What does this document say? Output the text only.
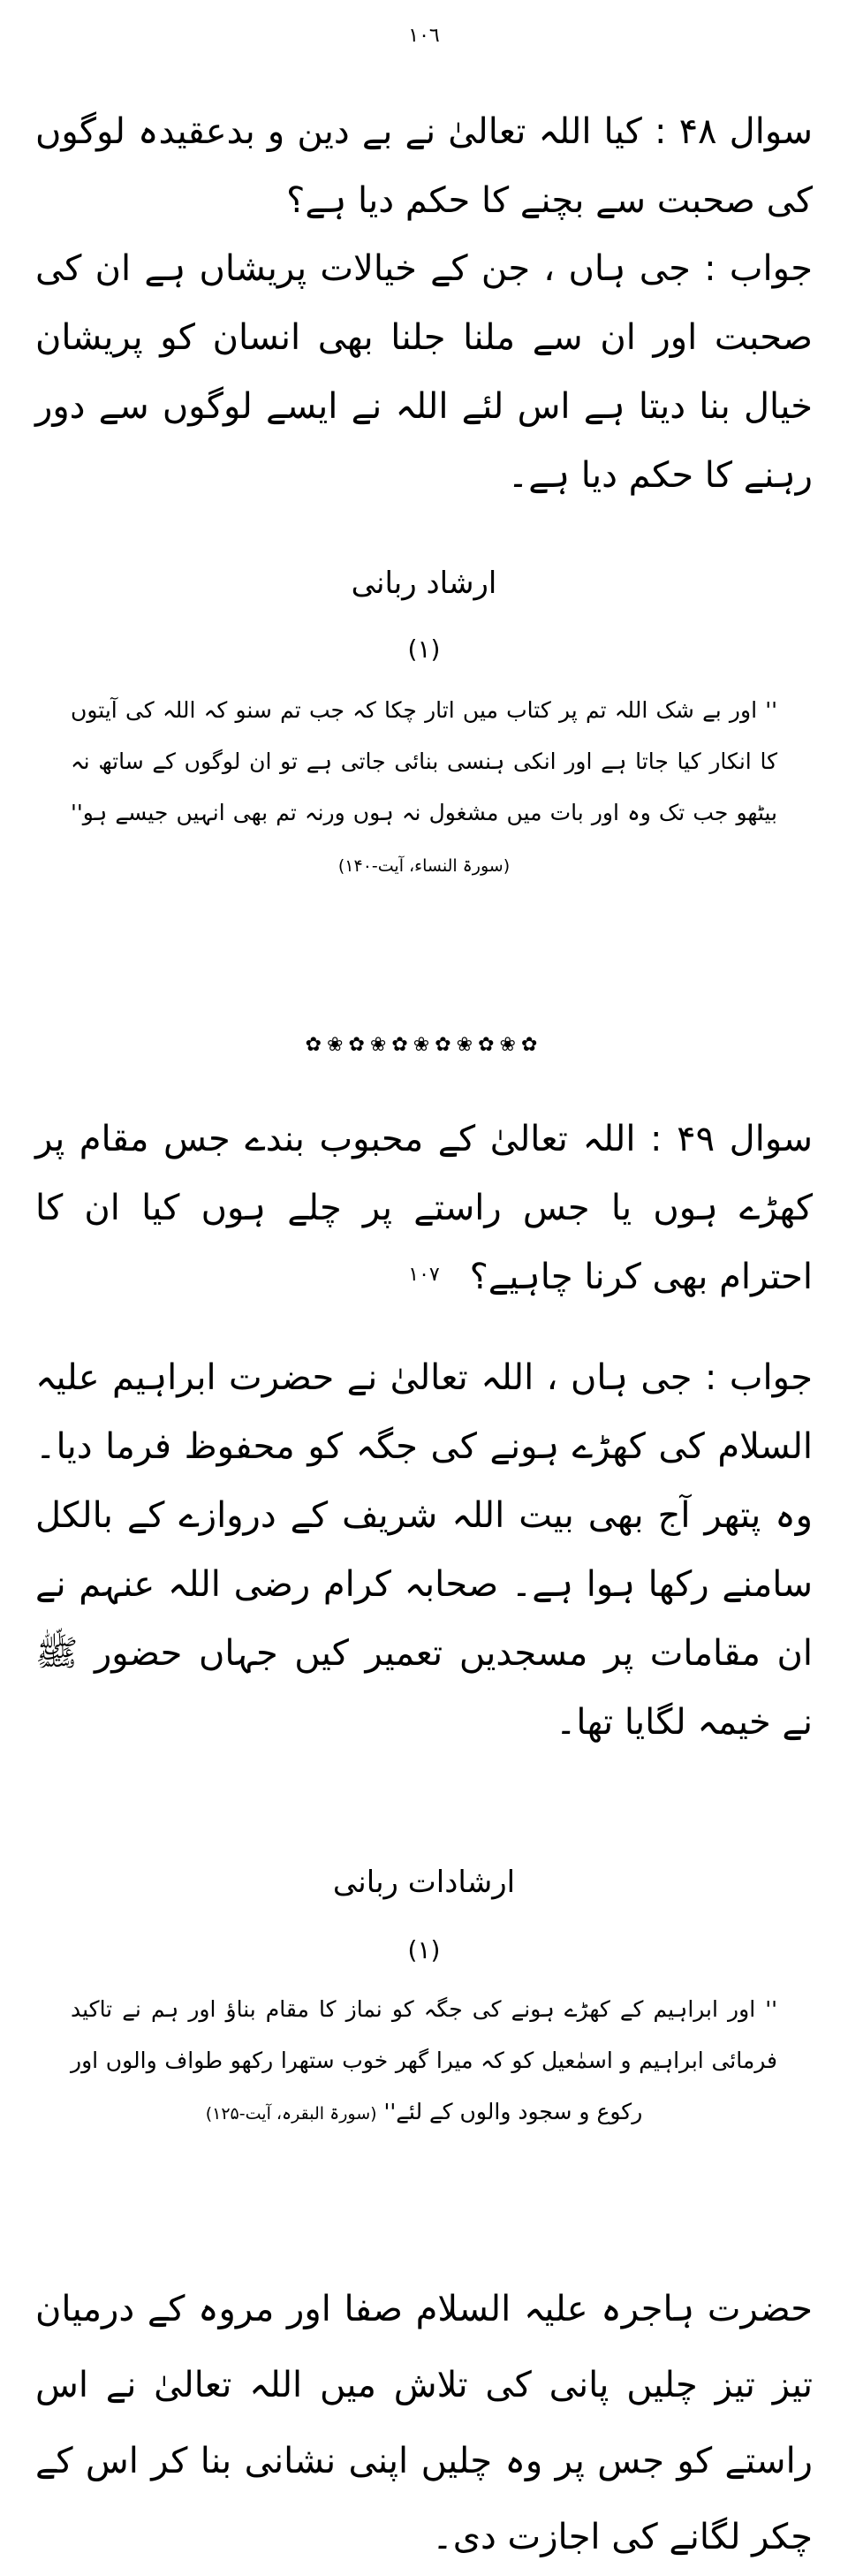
١٠٦
سوال ۴۸ : کیا اللہ تعالیٰ نے بے دین و بدعقیدہ لوگوں کی صحبت سے بچنے کا حکم دیا ہے؟
جواب : جی ہاں ، جن کے خیالات پریشاں ہے ان کی صحبت اور ان سے ملنا جلنا بھی انسان کو پریشان خیال بنا دیتا ہے اس لئے اللہ نے ایسے لوگوں سے دور رہنے کا حکم دیا ہے۔
ارشاد ربانی
(۱)
'' اور بے شک اللہ تم پر کتاب میں اتار چکا کہ جب تم سنو کہ اللہ کی آیتوں کا انکار کیا جاتا ہے اور انکی ہنسی بنائی جاتی ہے تو ان لوگوں کے ساتھ نہ بیٹھو جب تک وہ اور بات میں مشغول نہ ہوں ورنہ تم بھی انہیں جیسے ہو'' (سورۃ النساء، آیت-۱۴۰)
✿❀✿❀✿❀✿❀✿❀✿
سوال ۴۹ : اللہ تعالیٰ کے محبوب بندے جس مقام پر کھڑے ہوں یا جس راستے پر چلے ہوں کیا ان کا احترام بھی کرنا چاہیے؟
١٠٧
جواب : جی ہاں ، اللہ تعالیٰ نے حضرت ابراہیم علیہ السلام کی کھڑے ہونے کی جگہ کو محفوظ فرما دیا۔ وہ پتھر آج بھی بیت اللہ شریف کے دروازے کے بالکل سامنے رکھا ہوا ہے۔ صحابہ کرام رضی اللہ عنہم نے ان مقامات پر مسجدیں تعمیر کیں جہاں حضور ﷺ نے خیمہ لگایا تھا۔
ارشادات ربانی
(۱)
'' اور ابراہیم کے کھڑے ہونے کی جگہ کو نماز کا مقام بناؤ اور ہم نے تاکید فرمائی ابراہیم و اسمٰعیل کو کہ میرا گھر خوب ستھرا رکھو طواف والوں اور رکوع و سجود والوں کے لئے'' (سورۃ البقرہ، آیت-۱۲۵)
حضرت ہاجرہ علیہ السلام صفا اور مروہ کے درمیان تیز تیز چلیں پانی کی تلاش میں اللہ تعالیٰ نے اس راستے کو جس پر وہ چلیں اپنی نشانی بنا کر اس کے چکر لگانے کی اجازت دی۔
